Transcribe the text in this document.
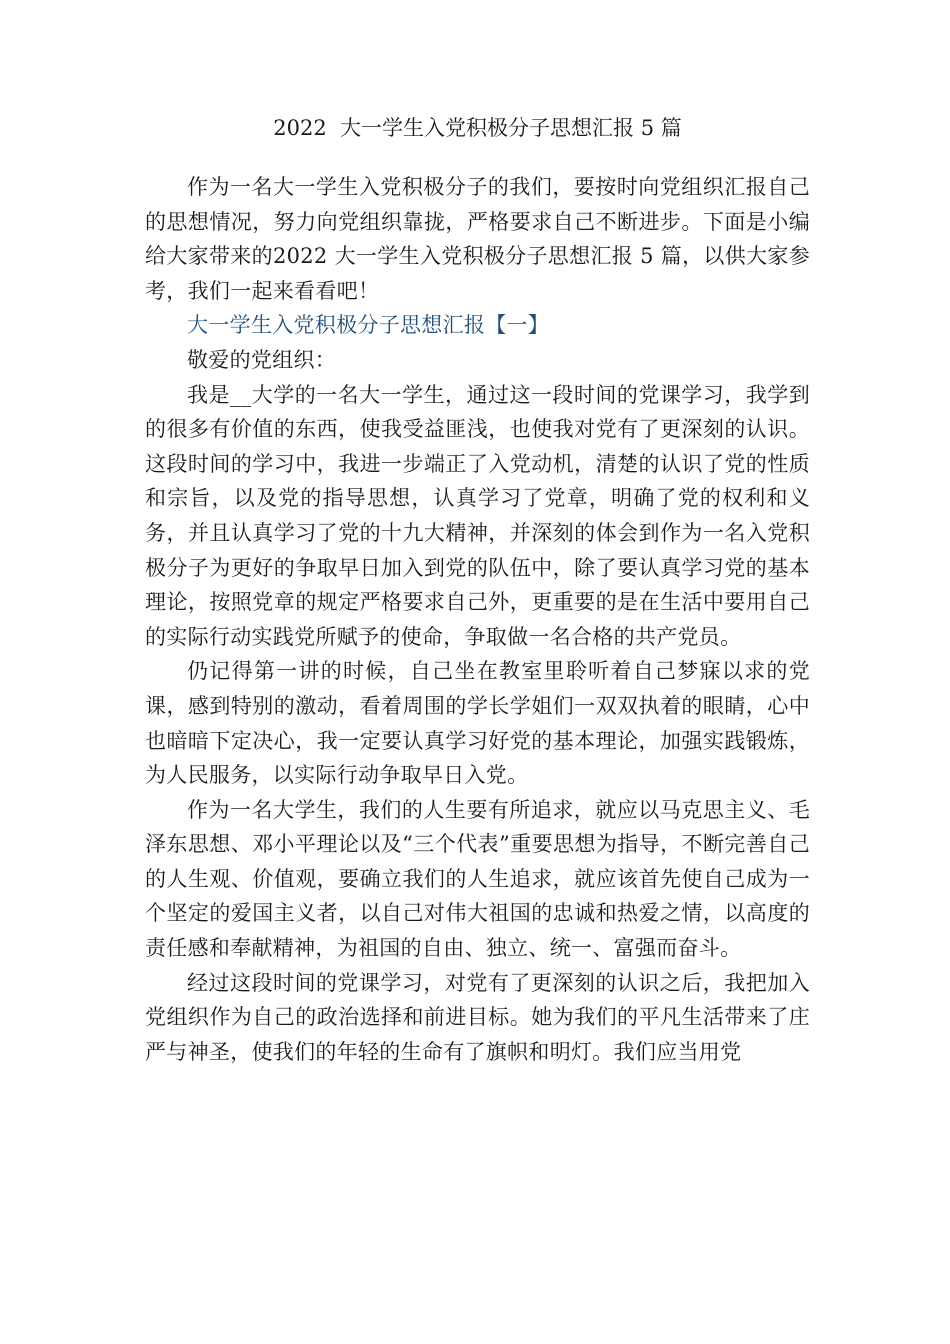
2022  大一学生入党积极分子思想汇报 5 篇

作为一名大一学生入党积极分子的我们，要按时向党组织汇报自己的思想情况，努力向党组织靠拢，严格要求自己不断进步。下面是小编给大家带来的2022 大一学生入党积极分子思想汇报 5 篇，以供大家参考，我们一起来看看吧！

大一学生入党积极分子思想汇报【一】

敬爱的党组织：

我是__大学的一名大一学生，通过这一段时间的党课学习，我学到的很多有价值的东西，使我受益匪浅，也使我对党有了更深刻的认识。这段时间的学习中，我进一步端正了入党动机，清楚的认识了党的性质和宗旨，以及党的指导思想，认真学习了党章，明确了党的权利和义务，并且认真学习了党的十九大精神，并深刻的体会到作为一名入党积极分子为更好的争取早日加入到党的队伍中，除了要认真学习党的基本理论，按照党章的规定严格要求自己外，更重要的是在生活中要用自己的实际行动实践党所赋予的使命，争取做一名合格的共产党员。

仍记得第一讲的时候，自己坐在教室里聆听着自己梦寐以求的党课，感到特别的激动，看着周围的学长学姐们一双双执着的眼睛，心中也暗暗下定决心，我一定要认真学习好党的基本理论，加强实践锻炼，为人民服务，以实际行动争取早日入党。

作为一名大学生，我们的人生要有所追求，就应以马克思主义、毛泽东思想、邓小平理论以及“三个代表”重要思想为指导，不断完善自己的人生观、价值观，要确立我们的人生追求，就应该首先使自己成为一个坚定的爱国主义者，以自己对伟大祖国的忠诚和热爱之情，以高度的责任感和奉献精神，为祖国的自由、独立、统一、富强而奋斗。

经过这段时间的党课学习，对党有了更深刻的认识之后，我把加入党组织作为自己的政治选择和前进目标。她为我们的平凡生活带来了庄严与神圣，使我们的年轻的生命有了旗帜和明灯。我们应当用党
